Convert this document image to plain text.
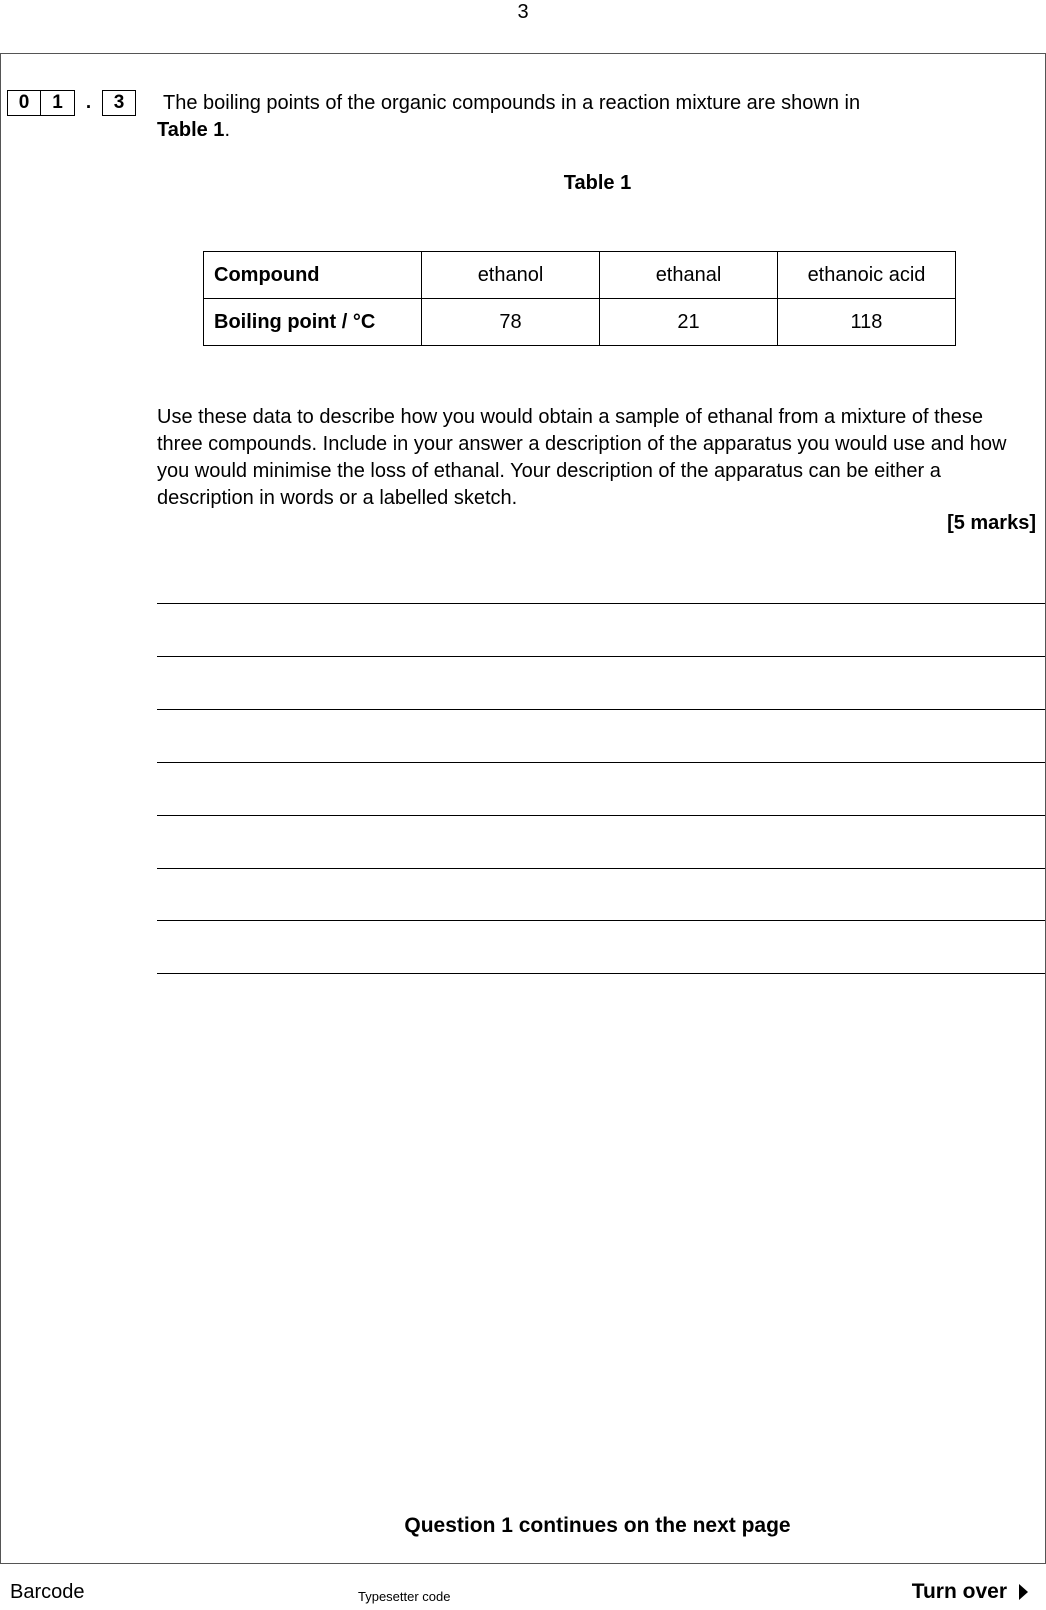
3
0	1	.	3	The boiling points of the organic compounds in a reaction mixture are shown in
Table 1.
Table 1
Compound	ethanol	ethanal	ethanoic acid
Boiling point / °C	78	21	118
Use these data to describe how you would obtain a sample of ethanal from a mixture of these three compounds. Include in your answer a description of the apparatus you would use and how you would minimise the loss of ethanal. Your description of the apparatus can be either a description in words or a labelled sketch.
[5 marks]
Question 1 continues on the next page
Barcode	Typesetter code	Turn over
